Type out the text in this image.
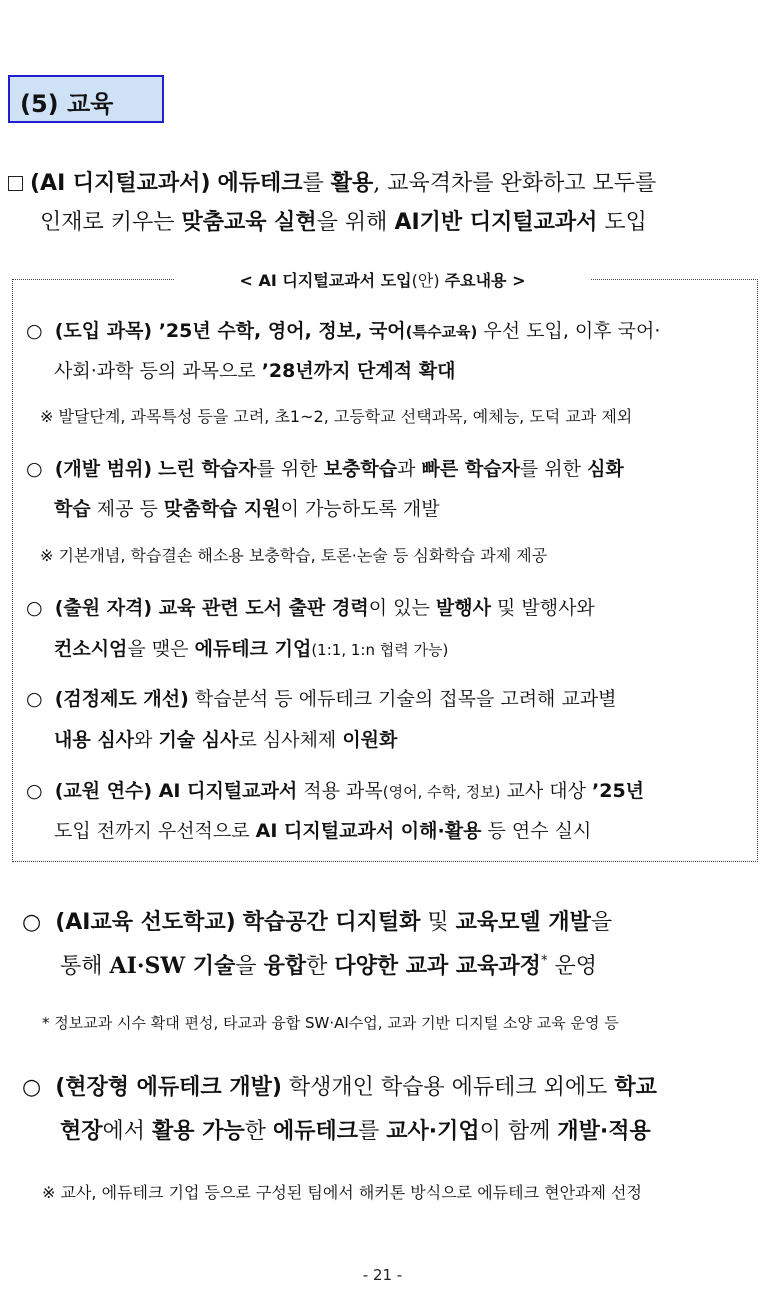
(5) 교육
(AI 디지털교과서) 에듀테크를 활용, 교육격차를 완화하고 모두를
인재로 키우는 맞춤교육 실현을 위해 AI기반 디지털교과서 도입
< AI 디지털교과서 도입(안) 주요내용 >
○ (도입 과목) ’25년 수학, 영어, 정보, 국어(특수교육) 우선 도입, 이후 국어·
사회·과학 등의 과목으로 ’28년까지 단계적 확대
※ 발달단계, 과목특성 등을 고려, 초1~2, 고등학교 선택과목, 예체능, 도덕 교과 제외
○ (개발 범위) 느린 학습자를 위한 보충학습과 빠른 학습자를 위한 심화
학습 제공 등 맞춤학습 지원이 가능하도록 개발
※ 기본개념, 학습결손 해소용 보충학습, 토론·논술 등 심화학습 과제 제공
○ (출원 자격) 교육 관련 도서 출판 경력이 있는 발행사 및 발행사와
컨소시엄을 맺은 에듀테크 기업(1:1, 1:n 협력 가능)
○ (검정제도 개선) 학습분석 등 에듀테크 기술의 접목을 고려해 교과별
내용 심사와 기술 심사로 심사체제 이원화
○ (교원 연수) AI 디지털교과서 적용 과목(영어, 수학, 정보) 교사 대상 ’25년
도입 전까지 우선적으로 AI 디지털교과서 이해·활용 등 연수 실시
○ (AI교육 선도학교) 학습공간 디지털화 및 교육모델 개발을
통해 AI·SW 기술을 융합한 다양한 교과 교육과정* 운영
* 정보교과 시수 확대 편성, 타교과 융합 SW·AI수업, 교과 기반 디지털 소양 교육 운영 등
○ (현장형 에듀테크 개발) 학생개인 학습용 에듀테크 외에도 학교
현장에서 활용 가능한 에듀테크를 교사·기업이 함께 개발·적용
※ 교사, 에듀테크 기업 등으로 구성된 팀에서 해커톤 방식으로 에듀테크 현안과제 선정
- 21 -
